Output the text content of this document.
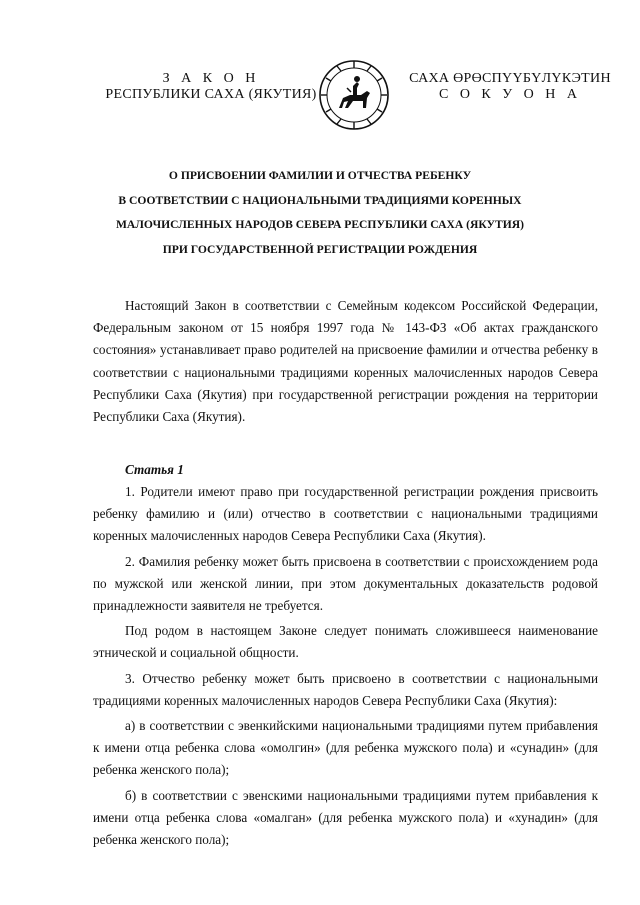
З А К О Н
РЕСПУБЛИКИ САХА (ЯКУТИЯ)
САХА ӨРӨСПҮҮБҮЛҮКЭТИН
С О К У О Н А
О ПРИСВОЕНИИ ФАМИЛИИ И ОТЧЕСТВА РЕБЕНКУ
В СООТВЕТСТВИИ С НАЦИОНАЛЬНЫМИ ТРАДИЦИЯМИ КОРЕННЫХ
МАЛОЧИСЛЕННЫХ НАРОДОВ СЕВЕРА РЕСПУБЛИКИ САХА (ЯКУТИЯ)
ПРИ ГОСУДАРСТВЕННОЙ РЕГИСТРАЦИИ РОЖДЕНИЯ

Настоящий Закон в соответствии с Семейным кодексом Российской Федерации, Федеральным законом от 15 ноября 1997 года № 143-ФЗ «Об актах гражданского состояния» устанавливает право родителей на присвоение фамилии и отчества ребенку в соответствии с национальными традициями коренных малочисленных народов Севера Республики Саха (Якутия) при государственной регистрации рождения на территории Республики Саха (Якутия).

Статья 1

1. Родители имеют право при государственной регистрации рождения присвоить ребенку фамилию и (или) отчество в соответствии с национальными традициями коренных малочисленных народов Севера Республики Саха (Якутия).

2. Фамилия ребенку может быть присвоена в соответствии с происхождением рода по мужской или женской линии, при этом документальных доказательств родовой принадлежности заявителя не требуется.

Под родом в настоящем Законе следует понимать сложившееся наименование этнической и социальной общности.

3. Отчество ребенку может быть присвоено в соответствии с национальными традициями коренных малочисленных народов Севера Республики Саха (Якутия):

а) в соответствии с эвенкийскими национальными традициями путем прибавления к имени отца ребенка слова «омолгин» (для ребенка мужского пола) и «сунадин» (для ребенка женского пола);

б) в соответствии с эвенскими национальными традициями путем прибавления к имени отца ребенка слова «омалган» (для ребенка мужского пола) и «хунадин» (для ребенка женского пола);
